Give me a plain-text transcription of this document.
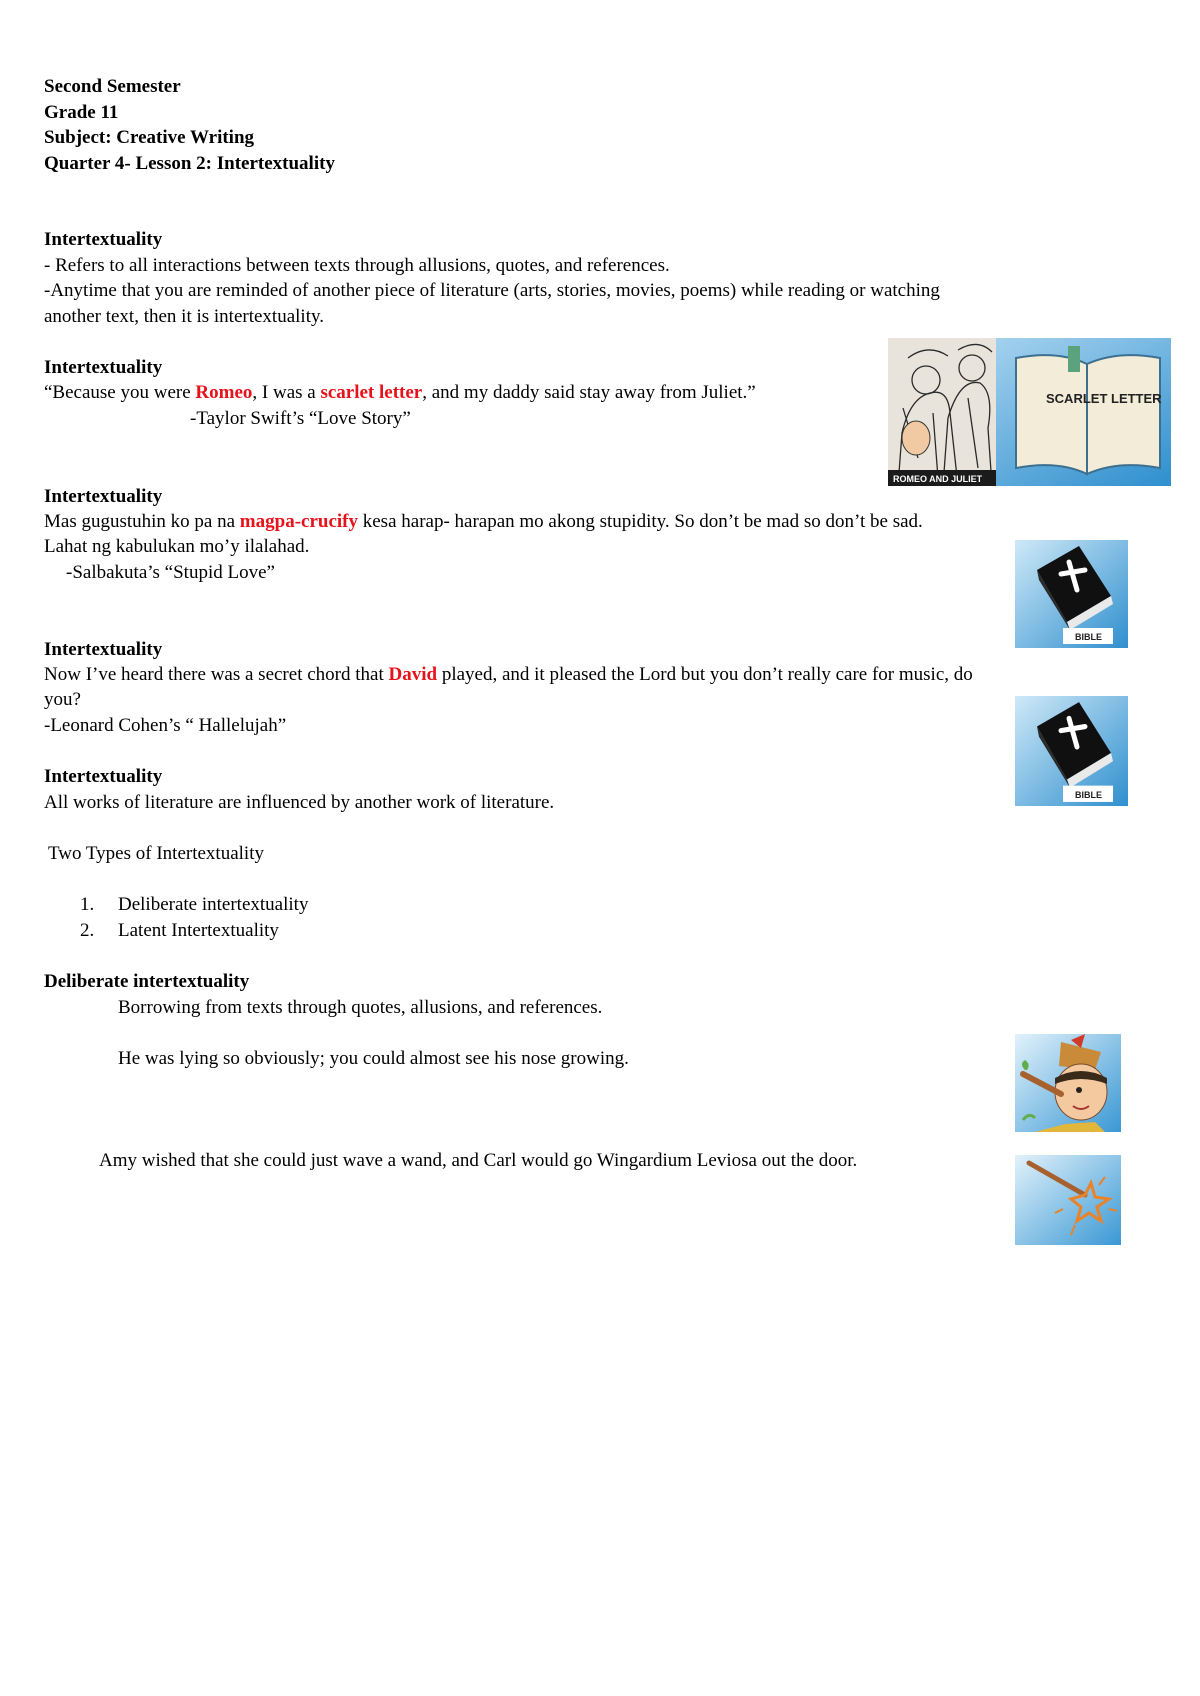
Second Semester
Grade 11
Subject: Creative Writing
Quarter 4- Lesson 2: Intertextuality
Intertextuality
- Refers to all interactions between texts through allusions, quotes, and references.
-Anytime that you are reminded of another piece of literature (arts, stories, movies, poems) while reading or watching
another text, then it is intertextuality.
Intertextuality
“Because you were Romeo, I was a scarlet letter, and my daddy said stay away from Juliet.”
-Taylor Swift’s “Love Story”
ROMEO AND JULIET
SCARLET LETTER
Intertextuality
Mas gugustuhin ko pa na magpa-crucify kesa harap- harapan mo akong stupidity. So don’t be mad so don’t be sad.
Lahat ng kabulukan mo’y ilalahad.
-Salbakuta’s “Stupid Love”
BIBLE
Intertextuality
Now I’ve heard there was a secret chord that David played, and it pleased the Lord but you don’t really care for music, do
you?
-Leonard Cohen’s “ Hallelujah”
BIBLE
Intertextuality
All works of literature are influenced by another work of literature.
Two Types of Intertextuality
1. Deliberate intertextuality
2. Latent Intertextuality
Deliberate intertextuality
Borrowing from texts through quotes, allusions, and references.
He was lying so obviously; you could almost see his nose growing.
Amy wished that she could just wave a wand, and Carl would go Wingardium Leviosa out the door.
